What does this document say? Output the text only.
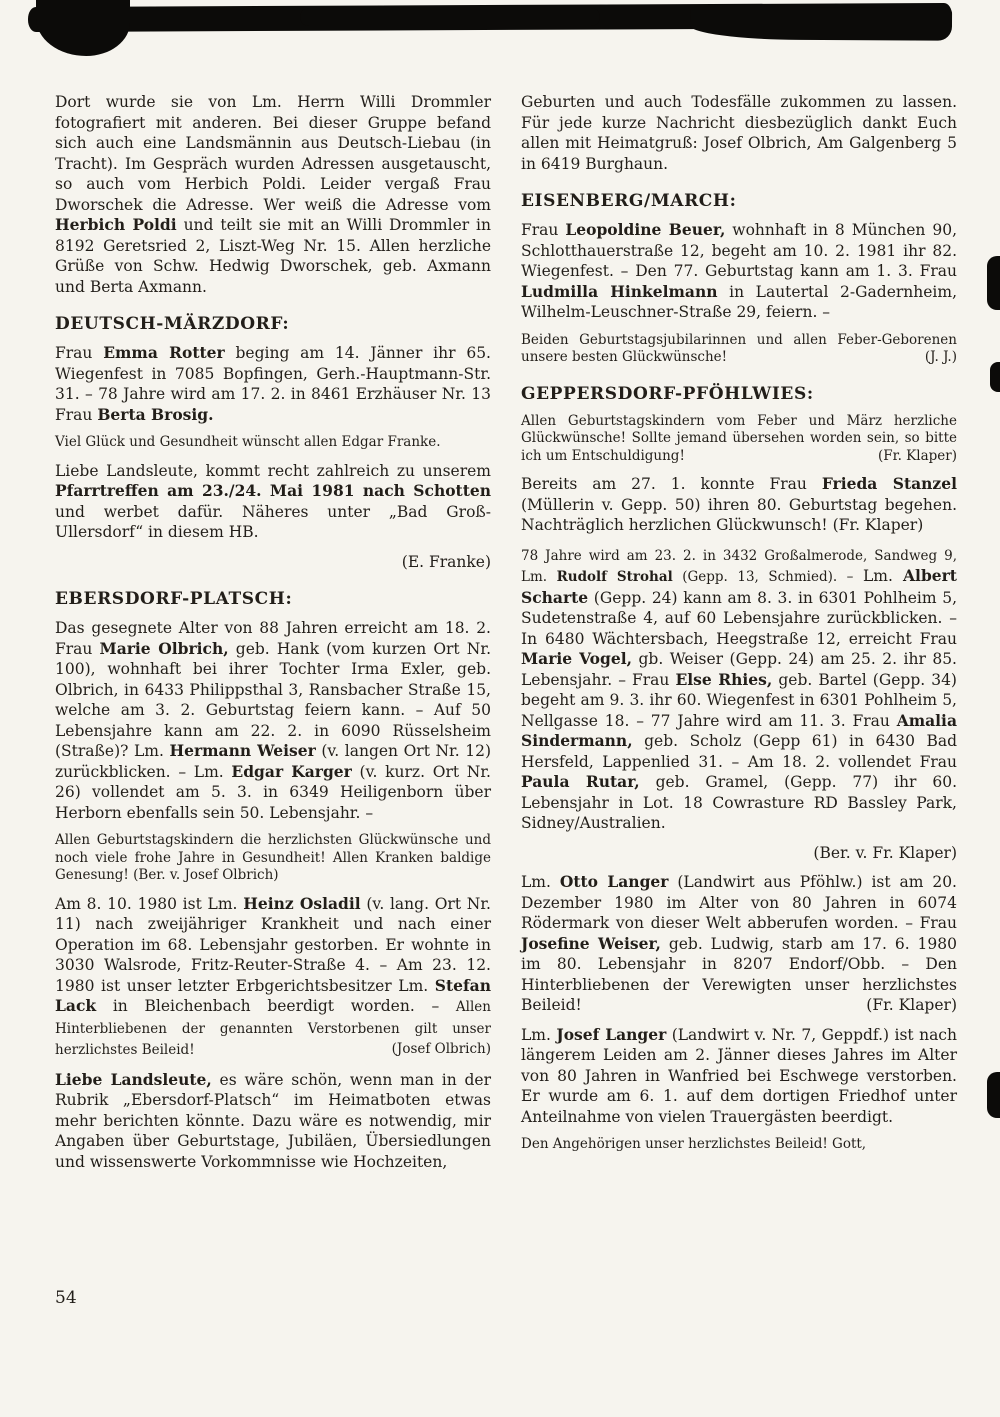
Dort wurde sie von Lm. Herrn Willi Drommler fotografiert mit anderen. Bei dieser Gruppe befand sich auch eine Landsmännin aus Deutsch-Liebau (in Tracht). Im Gespräch wurden Adressen ausgetauscht, so auch vom Herbich Poldi. Leider vergaß Frau Dworschek die Adresse. Wer weiß die Adresse vom Herbich Poldi und teilt sie mit an Willi Drommler in 8192 Geretsried 2, Liszt-Weg Nr. 15. Allen herzliche Grüße von Schw. Hedwig Dworschek, geb. Axmann und Berta Axmann.

DEUTSCH-MÄRZDORF:

Frau Emma Rotter beging am 14. Jänner ihr 65. Wiegenfest in 7085 Bopfingen, Gerh.-Hauptmann-Str. 31. – 78 Jahre wird am 17. 2. in 8461 Erzhäuser Nr. 13 Frau Berta Brosig.

Viel Glück und Gesundheit wünscht allen Edgar Franke.

Liebe Landsleute, kommt recht zahlreich zu unserem Pfarrtreffen am 23./24. Mai 1981 nach Schotten und werbet dafür. Näheres unter „Bad Groß-Ullersdorf“ in diesem HB.

(E. Franke)

EBERSDORF-PLATSCH:

Das gesegnete Alter von 88 Jahren erreicht am 18. 2. Frau Marie Olbrich, geb. Hank (vom kurzen Ort Nr. 100), wohnhaft bei ihrer Tochter Irma Exler, geb. Olbrich, in 6433 Philippsthal 3, Ransbacher Straße 15, welche am 3. 2. Geburtstag feiern kann. – Auf 50 Lebensjahre kann am 22. 2. in 6090 Rüsselsheim (Straße)? Lm. Hermann Weiser (v. langen Ort Nr. 12) zurückblicken. – Lm. Edgar Karger (v. kurz. Ort Nr. 26) vollendet am 5. 3. in 6349 Heiligenborn über Herborn ebenfalls sein 50. Lebensjahr. –

Allen Geburtstagskindern die herzlichsten Glückwünsche und noch viele frohe Jahre in Gesundheit! Allen Kranken baldige Genesung! (Ber. v. Josef Olbrich)

Am 8. 10. 1980 ist Lm. Heinz Osladil (v. lang. Ort Nr. 11) nach zweijähriger Krankheit und nach einer Operation im 68. Lebensjahr gestorben. Er wohnte in 3030 Walsrode, Fritz-Reuter-Straße 4. – Am 23. 12. 1980 ist unser letzter Erbgerichtsbesitzer Lm. Stefan Lack in Bleichenbach beerdigt worden. – Allen Hinterbliebenen der genannten Verstorbenen gilt unser herzlichstes Beileid!	(Josef Olbrich)

Liebe Landsleute, es wäre schön, wenn man in der Rubrik „Ebersdorf-Platsch“ im Heimatboten etwas mehr berichten könnte. Dazu wäre es notwendig, mir Angaben über Geburtstage, Jubiläen, Übersiedlungen und wissenswerte Vorkommnisse wie Hochzeiten,

Geburten und auch Todesfälle zukommen zu lassen. Für jede kurze Nachricht diesbezüglich dankt Euch allen mit Heimatgruß: Josef Olbrich, Am Galgenberg 5 in 6419 Burghaun.

EISENBERG/MARCH:

Frau Leopoldine Beuer, wohnhaft in 8 München 90, Schlotthauerstraße 12, begeht am 10. 2. 1981 ihr 82. Wiegenfest. – Den 77. Geburtstag kann am 1. 3. Frau Ludmilla Hinkelmann in Lautertal 2-Gadernheim, Wilhelm-Leuschner-Straße 29, feiern. –

Beiden Geburtstagsjubilarinnen und allen Feber-Geborenen unsere besten Glückwünsche!	(J. J.)

GEPPERSDORF-PFÖHLWIES:

Allen Geburtstagskindern vom Feber und März herzliche Glückwünsche! Sollte jemand übersehen worden sein, so bitte ich um Entschuldigung!	(Fr. Klaper)

Bereits am 27. 1. konnte Frau Frieda Stanzel (Müllerin v. Gepp. 50) ihren 80. Geburtstag begehen. Nachträglich herzlichen Glückwunsch! (Fr. Klaper)

78 Jahre wird am 23. 2. in 3432 Großalmerode, Sandweg 9, Lm. Rudolf Strohal (Gepp. 13, Schmied). – Lm. Albert Scharte (Gepp. 24) kann am 8. 3. in 6301 Pohlheim 5, Sudetenstraße 4, auf 60 Lebensjahre zurückblicken. – In 6480 Wächtersbach, Heegstraße 12, erreicht Frau Marie Vogel, gb. Weiser (Gepp. 24) am 25. 2. ihr 85. Lebensjahr. – Frau Else Rhies, geb. Bartel (Gepp. 34) begeht am 9. 3. ihr 60. Wiegenfest in 6301 Pohlheim 5, Nellgasse 18. – 77 Jahre wird am 11. 3. Frau Amalia Sindermann, geb. Scholz (Gepp 61) in 6430 Bad Hersfeld, Lappenlied 31. – Am 18. 2. vollendet Frau Paula Rutar, geb. Gramel, (Gepp. 77) ihr 60. Lebensjahr in Lot. 18 Cowrasture RD Bassley Park, Sidney/Australien.

(Ber. v. Fr. Klaper)

Lm. Otto Langer (Landwirt aus Pföhlw.) ist am 20. Dezember 1980 im Alter von 80 Jahren in 6074 Rödermark von dieser Welt abberufen worden. – Frau Josefine Weiser, geb. Ludwig, starb am 17. 6. 1980 im 80. Lebensjahr in 8207 Endorf/Obb. – Den Hinterbliebenen der Verewigten unser herzlichstes Beileid!	(Fr. Klaper)

Lm. Josef Langer (Landwirt v. Nr. 7, Geppdf.) ist nach längerem Leiden am 2. Jänner dieses Jahres im Alter von 80 Jahren in Wanfried bei Eschwege verstorben. Er wurde am 6. 1. auf dem dortigen Friedhof unter Anteilnahme von vielen Trauergästen beerdigt.

Den Angehörigen unser herzlichstes Beileid! Gott,

54
